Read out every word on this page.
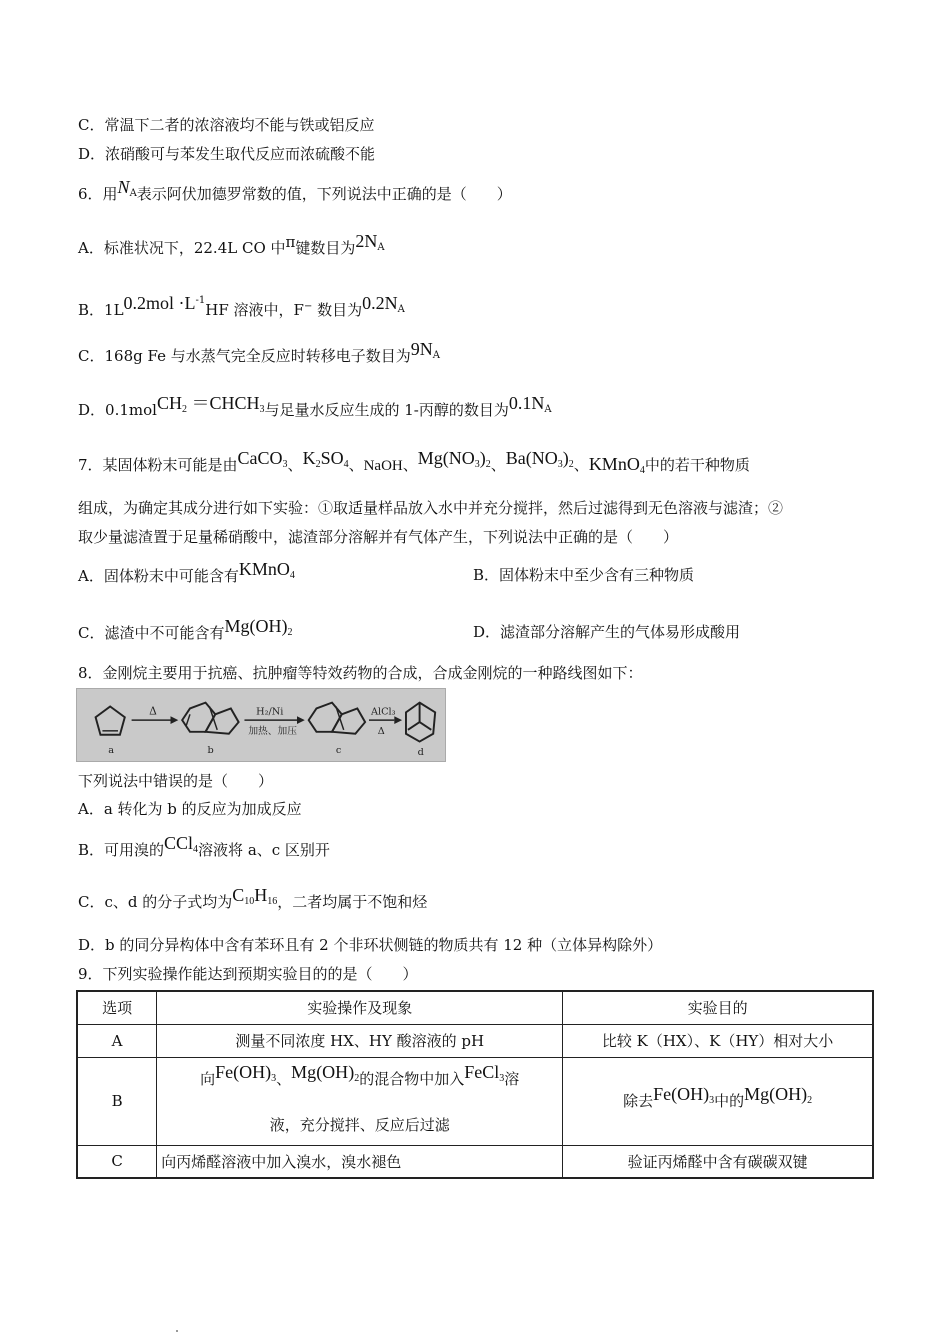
C．常温下二者的浓溶液均不能与铁或铝反应
D．浓硝酸可与苯发生取代反应而浓硫酸不能
6．用$N_A$表示阿伏加德罗常数的值，下列说法中正确的是（　　）
A．标准状况下，22.4L CO 中π键数目为$2N_A$
B．$1L0.2mol \cdot L^{-1}HF$ 溶液中，F− 数目为$0.2N_A$
C．168g Fe 与水蒸气完全反应时转移电子数目为$9N_A$
D．0.1molCH$_2$ $=CHCH_3$与足量水反应生成的 1-丙醇的数目为$0.1N_A$
7．某固体粉末可能是由CaCO$_3$、$K_2SO_4$、NaOH、$Mg(NO_3)_2$、$Ba(NO_3)_2$、KMnO$_4$中的若干种物质
组成，为确定其成分进行如下实验：①取适量样品放入水中并充分搅拌，然后过滤得到无色溶液与滤渣；②
取少量滤渣置于足量稀硝酸中，滤渣部分溶解并有气体产生，下列说法中正确的是（　　）
A．固体粉末中可能含有KMnO$_4$	B．固体粉末中至少含有三种物质
C．滤渣中不可能含有$Mg(OH)_2$	D．滤渣部分溶解产生的气体易形成酸用
8．金刚烷主要用于抗癌、抗肿瘤等特效药物的合成，合成金刚烷的一种路线图如下：
a
Δ
b
H₂/Ni
加热、加压
c
AlCl₃
Δ
d
下列说法中错误的是（　　）
A．a 转化为 b 的反应为加成反应
B．可用溴的CCl$_4$溶液将 a、c 区别开
C．c、d 的分子式均为$C_{10}H_{16}$，二者均属于不饱和烃
D．b 的同分异构体中含有苯环且有 2 个非环状侧链的物质共有 12 种（立体异构除外）
9．下列实验操作能达到预期实验目的的是（　　）
选项	实验操作及现象	实验目的
A	测量不同浓度 HX、HY 酸溶液的 pH	比较 K（HX）、K（HY）相对大小
B	向$Fe(OH)_3$、$Mg(OH)_2$的混合物中加入FeCl$_3$溶
液，充分搅拌、反应后过滤	除去$Fe(OH)_3$中的$Mg(OH)_2$
C	向丙烯醛溶液中加入溴水，溴水褪色	验证丙烯醛中含有碳碳双键
